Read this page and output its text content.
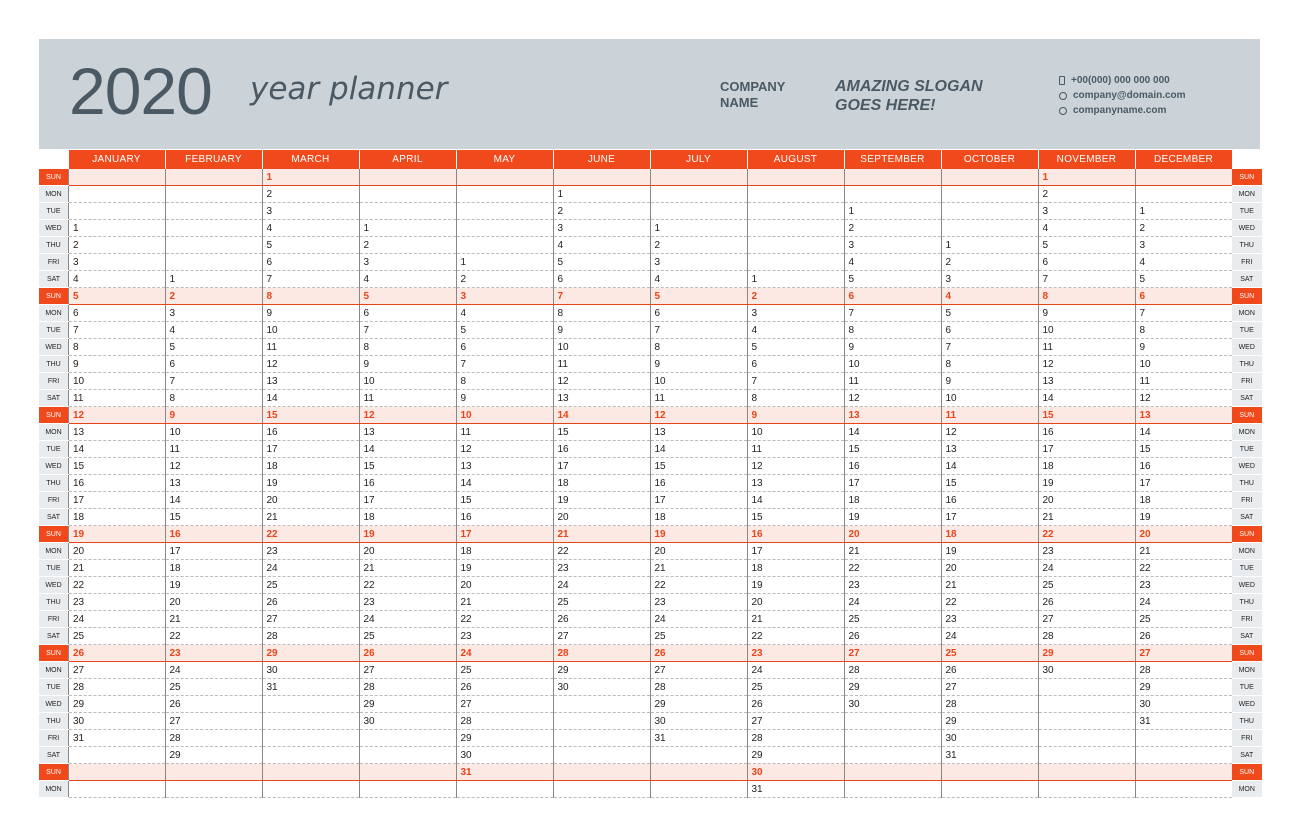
2020 year planner	COMPANY
NAME
AMAZING SLOGAN
GOES HERE!
+00(000) 000 000 000
company@domain.com
companyname.com
	JANUARY	FEBRUARY	MARCH	APRIL	MAY	JUNE	JULY	AUGUST	SEPTEMBER	OCTOBER	NOVEMBER	DECEMBER	
SUN			1								1		SUN
MON			2			1					2		MON
TUE			3			2			1		3	1	TUE
WED	1		4	1		3	1		2		4	2	WED
THU	2		5	2		4	2		3	1	5	3	THU
FRI	3		6	3	1	5	3		4	2	6	4	FRI
SAT	4	1	7	4	2	6	4	1	5	3	7	5	SAT
SUN	5	2	8	5	3	7	5	2	6	4	8	6	SUN
MON	6	3	9	6	4	8	6	3	7	5	9	7	MON
TUE	7	4	10	7	5	9	7	4	8	6	10	8	TUE
WED	8	5	11	8	6	10	8	5	9	7	11	9	WED
THU	9	6	12	9	7	11	9	6	10	8	12	10	THU
FRI	10	7	13	10	8	12	10	7	11	9	13	11	FRI
SAT	11	8	14	11	9	13	11	8	12	10	14	12	SAT
SUN	12	9	15	12	10	14	12	9	13	11	15	13	SUN
MON	13	10	16	13	11	15	13	10	14	12	16	14	MON
TUE	14	11	17	14	12	16	14	11	15	13	17	15	TUE
WED	15	12	18	15	13	17	15	12	16	14	18	16	WED
THU	16	13	19	16	14	18	16	13	17	15	19	17	THU
FRI	17	14	20	17	15	19	17	14	18	16	20	18	FRI
SAT	18	15	21	18	16	20	18	15	19	17	21	19	SAT
SUN	19	16	22	19	17	21	19	16	20	18	22	20	SUN
MON	20	17	23	20	18	22	20	17	21	19	23	21	MON
TUE	21	18	24	21	19	23	21	18	22	20	24	22	TUE
WED	22	19	25	22	20	24	22	19	23	21	25	23	WED
THU	23	20	26	23	21	25	23	20	24	22	26	24	THU
FRI	24	21	27	24	22	26	24	21	25	23	27	25	FRI
SAT	25	22	28	25	23	27	25	22	26	24	28	26	SAT
SUN	26	23	29	26	24	28	26	23	27	25	29	27	SUN
MON	27	24	30	27	25	29	27	24	28	26	30	28	MON
TUE	28	25	31	28	26	30	28	25	29	27		29	TUE
WED	29	26		29	27		29	26	30	28		30	WED
THU	30	27		30	28		30	27		29		31	THU
FRI	31	28			29		31	28		30			FRI
SAT		29			30			29		31			SAT
SUN					31			30					SUN
MON								31					MON
